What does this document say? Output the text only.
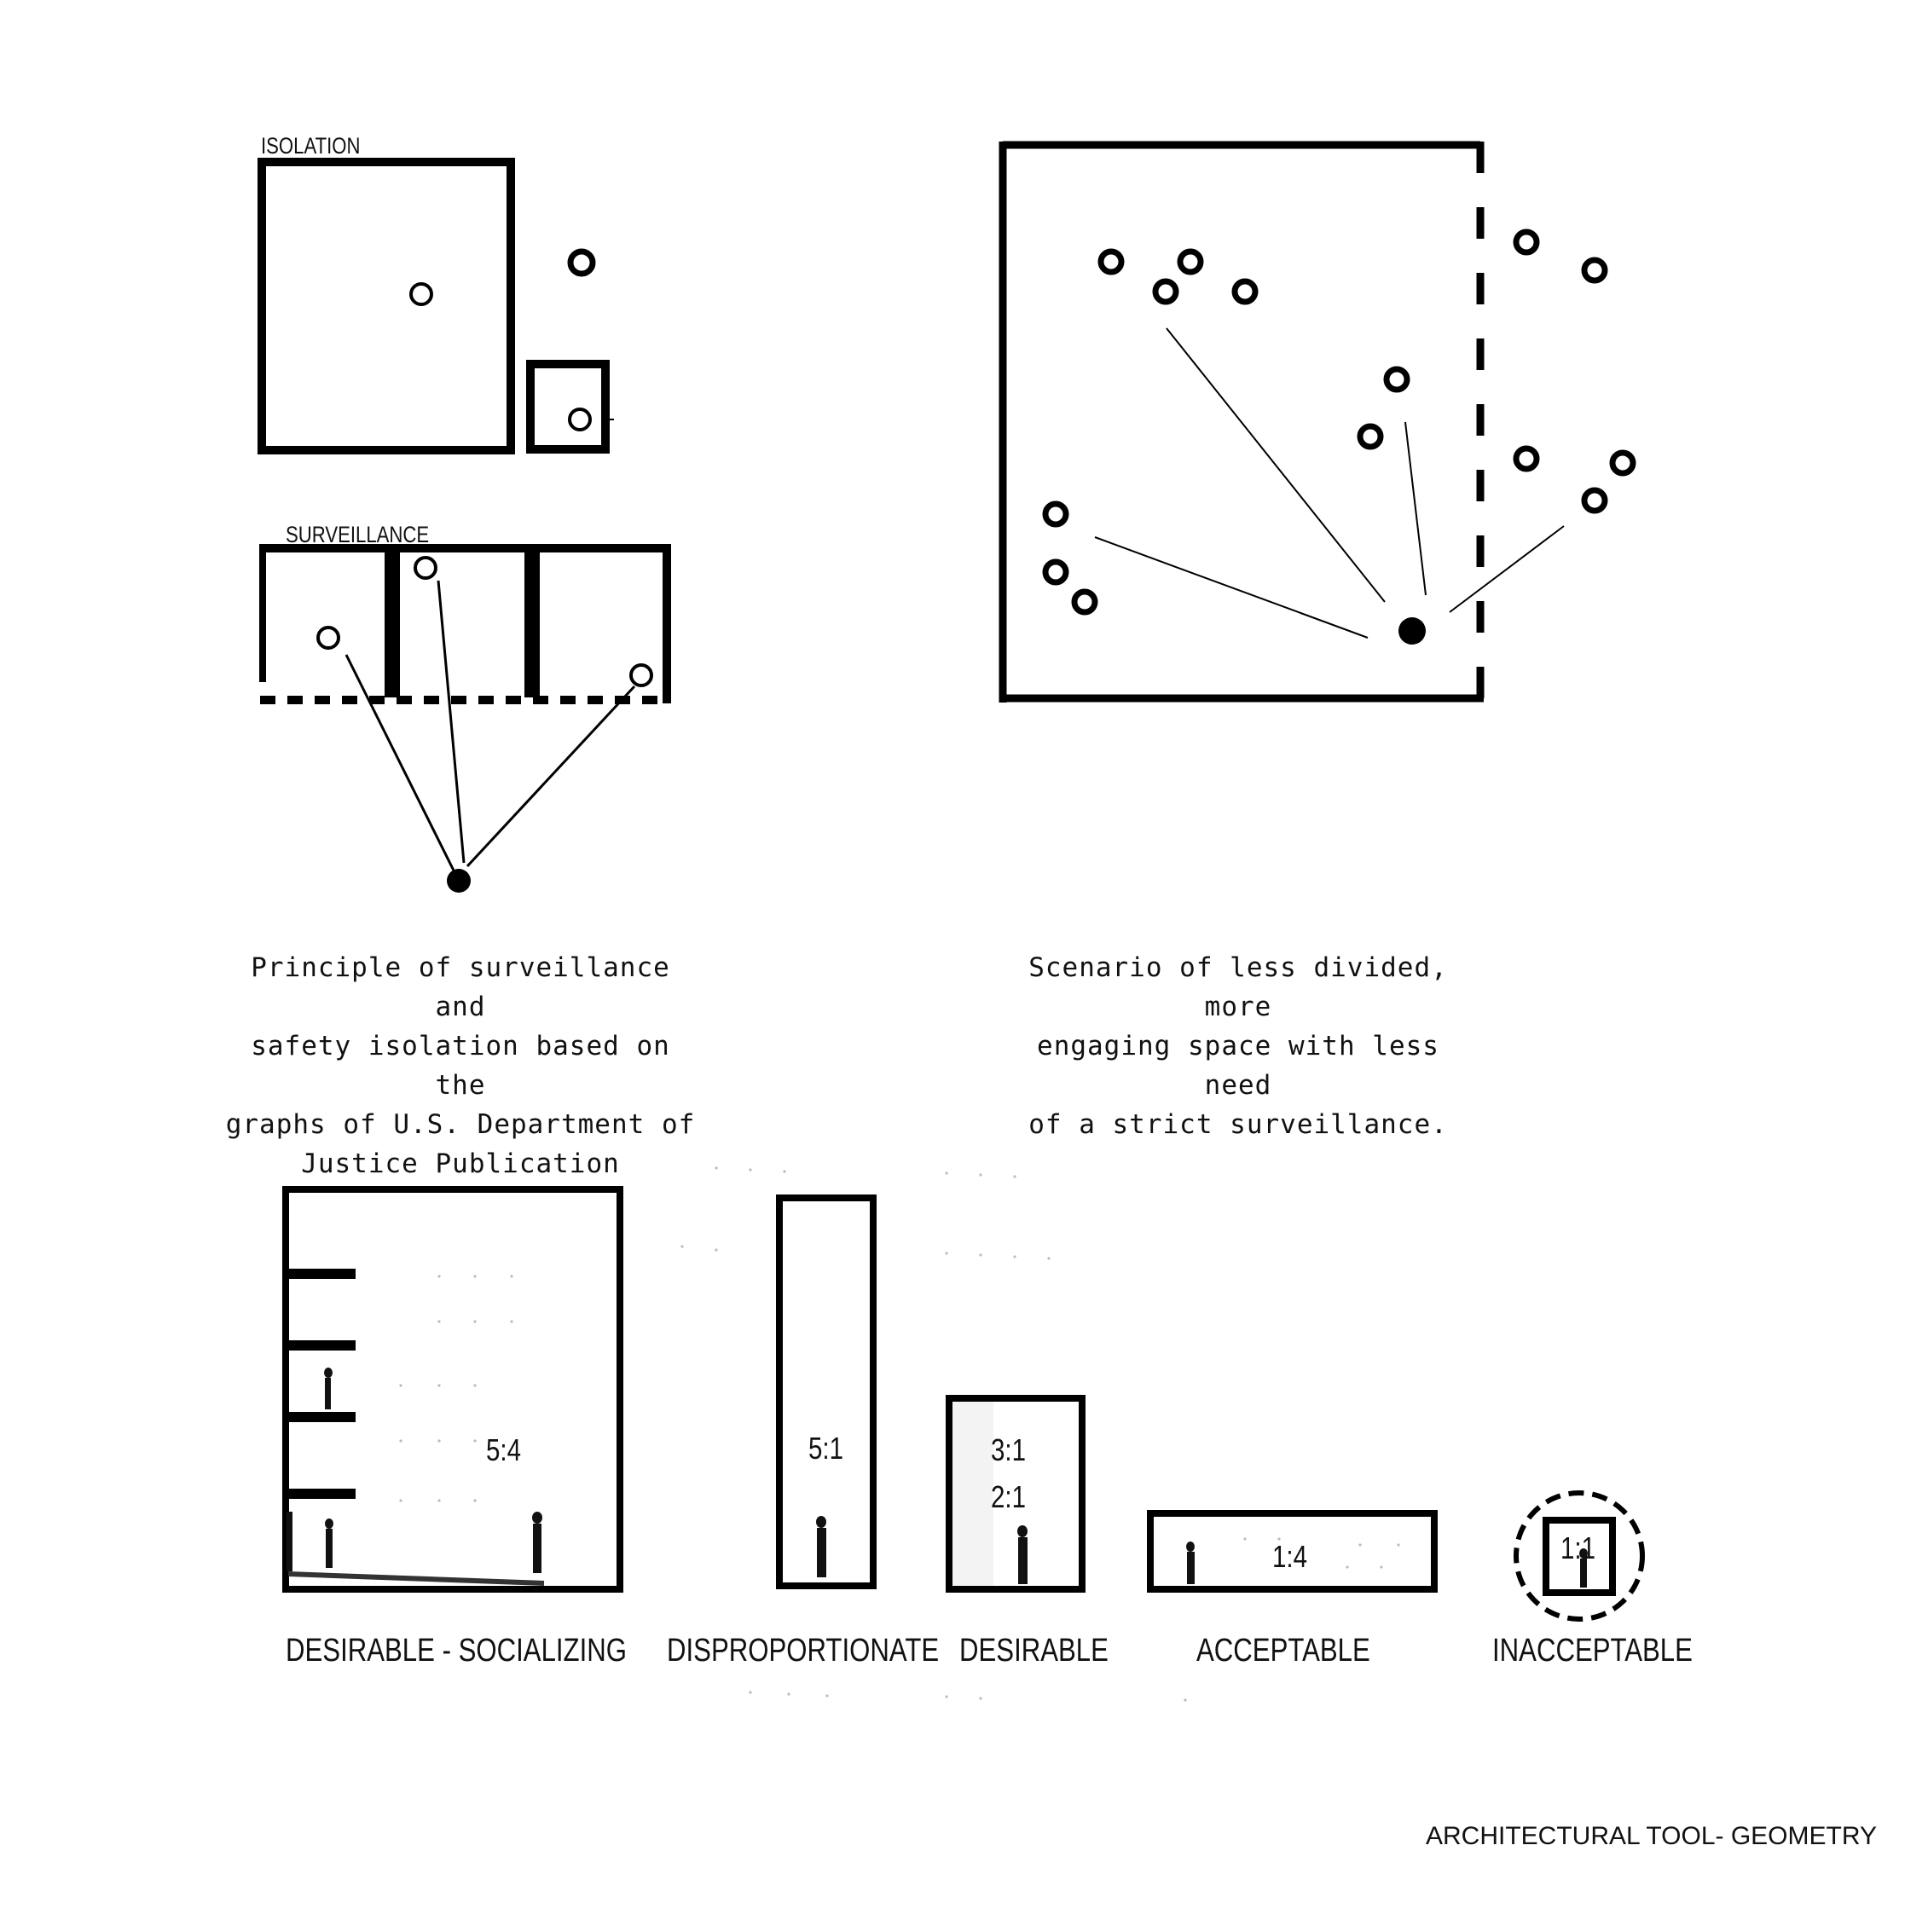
ISOLATION
SURVEILLANCE
Principle of surveillance and
safety isolation based on the
graphs of U.S. Department of
Justice Publication
Scenario of less divided, more
engaging space with less need
of a strict surveillance.
5:4	5:1	3:1
2:1
1:4	1:1
DESIRABLE - SOCIALIZING DISPROPORTIONATE DESIRABLE	ACCEPTABLE	INACCEPTABLE
ARCHITECTURAL TOOL- GEOMETRY
